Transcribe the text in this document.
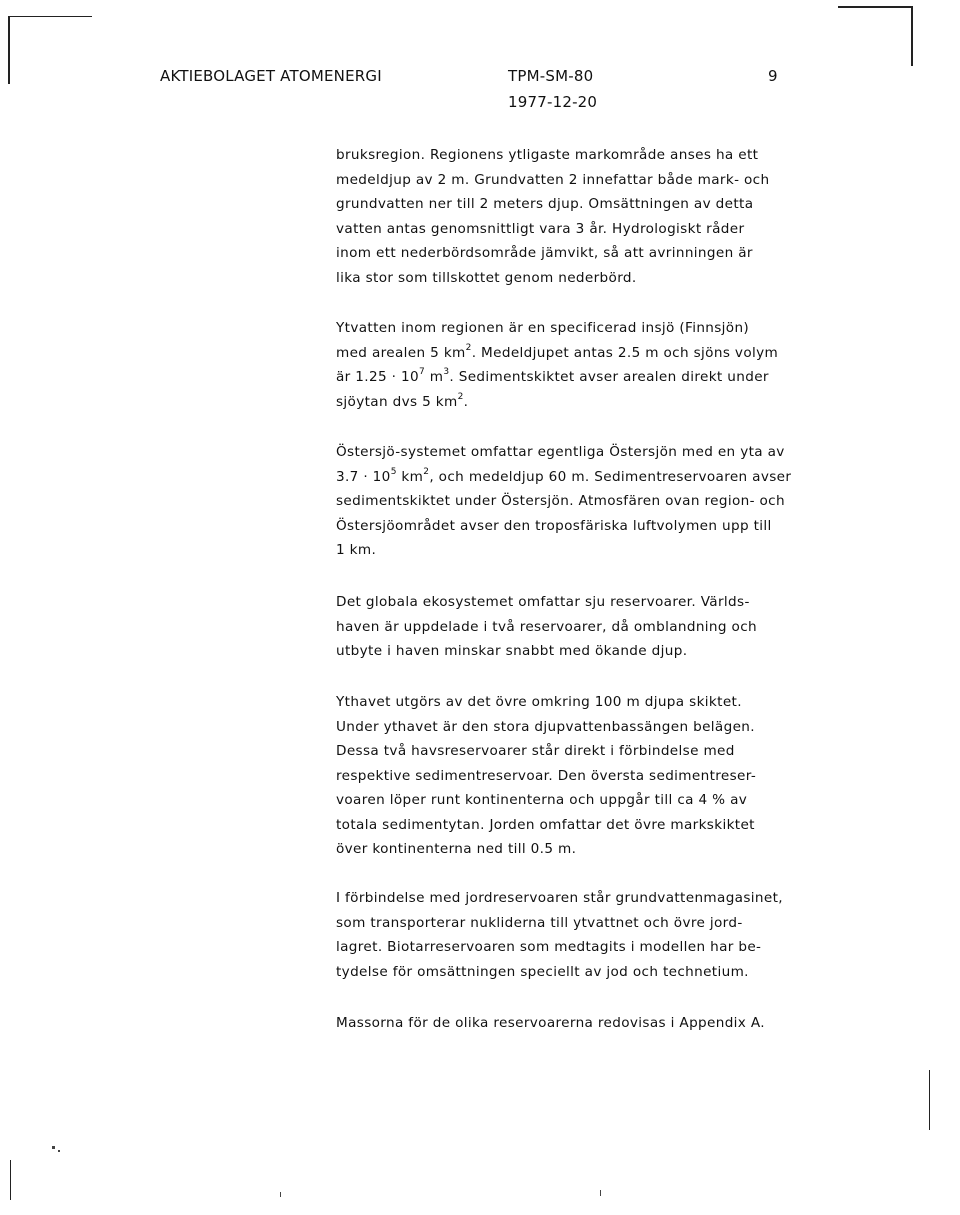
AKTIEBOLAGET ATOMENERGI	TPM-SM-80
1977-12-20
9
bruksregion. Regionens ytligaste markområde anses ha ett
medeldjup av 2 m. Grundvatten 2 innefattar både mark- och
grundvatten ner till 2 meters djup. Omsättningen av detta
vatten antas genomsnittligt vara 3 år. Hydrologiskt råder
inom ett nederbördsområde jämvikt, så att avrinningen är
lika stor som tillskottet genom nederbörd.
Ytvatten inom regionen är en specificerad insjö (Finnsjön)
med arealen 5 $km^2$. Medeldjupet antas 2.5 m och sjöns volym
är $1.25 \cdot 10^7$ $m^3$. Sedimentskiktet avser arealen direkt under
sjöytan dvs 5 $km^2$.
Östersjö-systemet omfattar egentliga Östersjön med en yta av
$3.7 \cdot 10^5$ $km^2$, och medeldjup 60 m. Sedimentreservoaren avser
sedimentskiktet under Östersjön. Atmosfären ovan region- och
Östersjöområdet avser den troposfäriska luftvolymen upp till
1 km.
Det globala ekosystemet omfattar sju reservoarer. Världs-
haven är uppdelade i två reservoarer, då omblandning och
utbyte i haven minskar snabbt med ökande djup.
Ythavet utgörs av det övre omkring 100 m djupa skiktet.
Under ythavet är den stora djupvattenbassängen belägen.
Dessa två havsreservoarer står direkt i förbindelse med
respektive sedimentreservoar. Den översta sedimentreser-
voaren löper runt kontinenterna och uppgår till ca 4 % av
totala sedimentytan. Jorden omfattar det övre markskiktet
över kontinenterna ned till 0.5 m.
I förbindelse med jordreservoaren står grundvattenmagasinet,
som transporterar nukliderna till ytvattnet och övre jord-
lagret. Biotarreservoaren som medtagits i modellen har be-
tydelse för omsättningen speciellt av jod och technetium.
Massorna för de olika reservoarerna redovisas i Appendix A.
